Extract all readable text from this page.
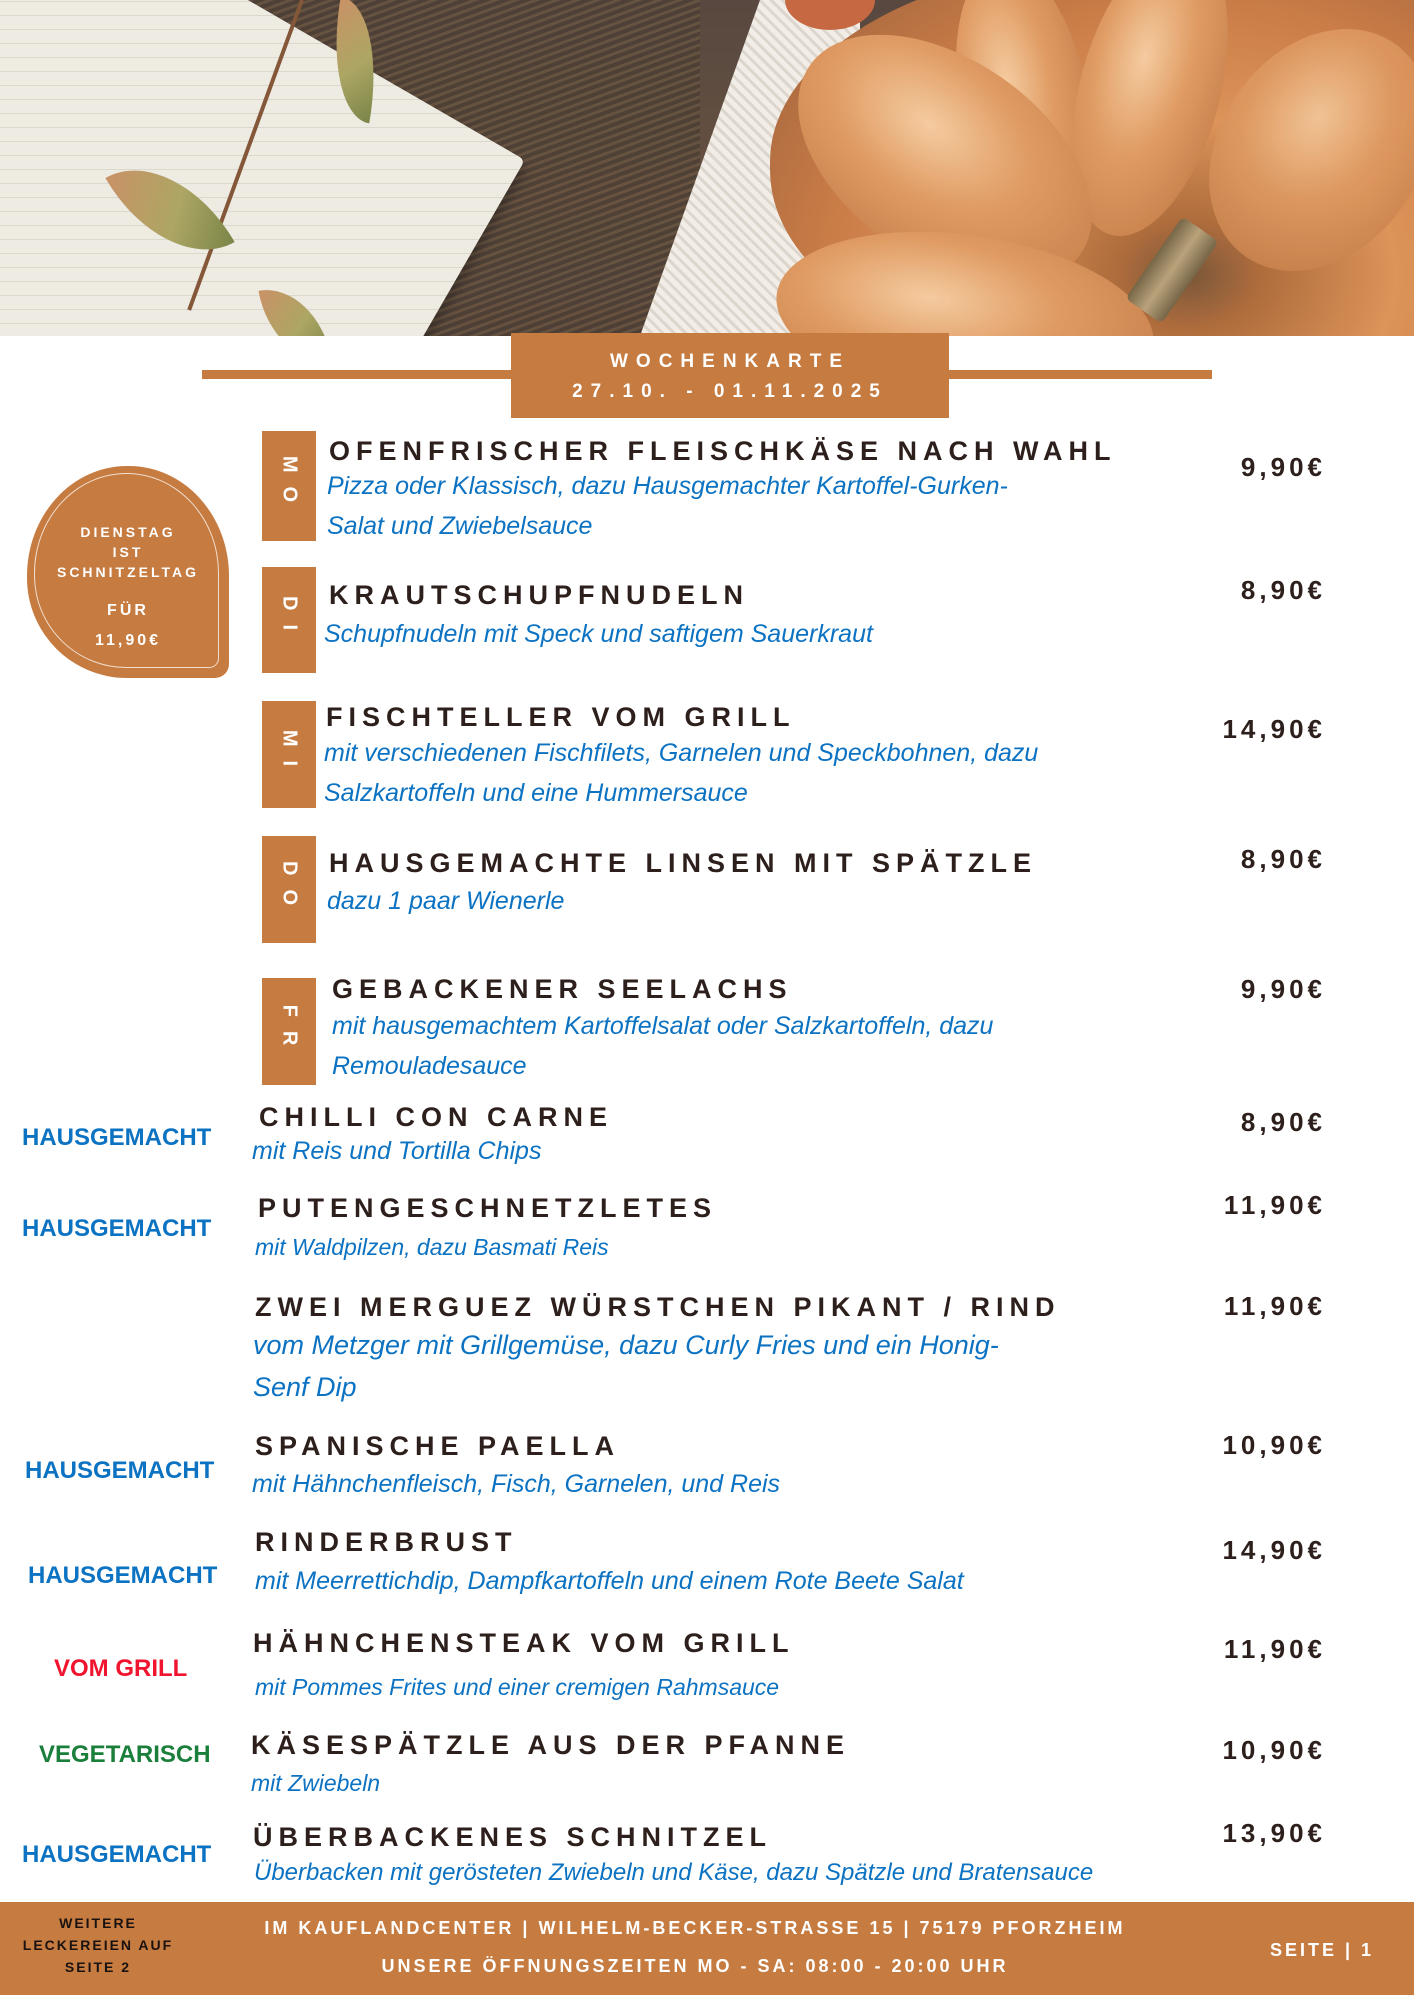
WOCHENKARTE
27.10. - 01.11.2025
DIENSTAG
IST
SCHNITZELTAG
FÜR
11,90€
MO
DI
MI
DO
FR
OFENFRISCHER FLEISCHKÄSE NACH WAHL
Pizza oder Klassisch, dazu Hausgemachter Kartoffel-Gurken-
Salat und Zwiebelsauce
9,90€
KRAUTSCHUPFNUDELN
Schupfnudeln mit Speck und saftigem Sauerkraut
8,90€
FISCHTELLER VOM GRILL
mit verschiedenen Fischfilets, Garnelen und Speckbohnen, dazu
Salzkartoffeln und eine Hummersauce
14,90€
HAUSGEMACHTE LINSEN MIT SPÄTZLE
dazu 1 paar Wienerle
8,90€
GEBACKENER SEELACHS
mit hausgemachtem Kartoffelsalat oder Salzkartoffeln, dazu
Remouladesauce
9,90€
HAUSGEMACHT
CHILLI CON CARNE
mit Reis und Tortilla Chips
8,90€
HAUSGEMACHT
PUTENGESCHNETZLETES
mit Waldpilzen, dazu Basmati Reis
11,90€
ZWEI MERGUEZ WÜRSTCHEN PIKANT / RIND
vom Metzger mit Grillgemüse, dazu Curly Fries und ein Honig-
Senf Dip
11,90€
HAUSGEMACHT
SPANISCHE PAELLA
mit Hähnchenfleisch, Fisch, Garnelen, und Reis
10,90€
HAUSGEMACHT
RINDERBRUST
mit Meerrettichdip, Dampfkartoffeln und einem Rote Beete Salat
14,90€
VOM GRILL
HÄHNCHENSTEAK VOM GRILL
mit Pommes Frites und einer cremigen Rahmsauce
11,90€
VEGETARISCH KÄSESPÄTZLE AUS DER PFANNE
mit Zwiebeln
10,90€
HAUSGEMACHT
ÜBERBACKENES SCHNITZEL
Überbacken mit gerösteten Zwiebeln und Käse, dazu Spätzle und Bratensauce
13,90€
WEITERE
LECKEREIEN AUF
SEITE 2
IM KAUFLANDCENTER | WILHELM-BECKER-STRASSE 15 | 75179 PFORZHEIM
UNSERE ÖFFNUNGSZEITEN MO - SA: 08:00 - 20:00 UHR
SEITE | 1
